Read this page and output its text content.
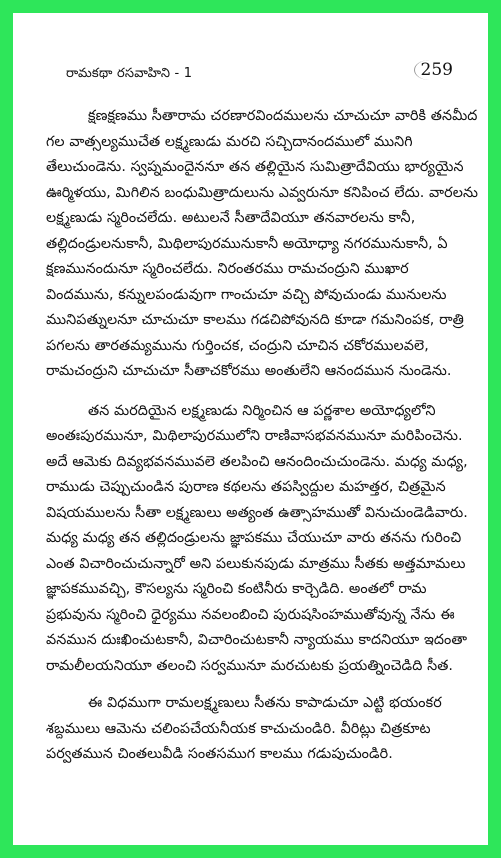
రామకథా రసవాహిని - 1	259

క్షణక్షణము సీతారామ చరణారవిందములను చూచుచూ వారికి తనమీద
గల వాత్సల్యముచేత లక్ష్మణుడు మరచి సచ్చిదానందములో మునిగి
తేలుచుండెను. స్వప్నమందైననూ తన తల్లియైన సుమిత్రాదేవియు భార్యయైన
ఊర్మిళయు, మిగిలిన బంధుమిత్రాదులును ఎవ్వరునూ కనిపించ లేదు. వారలను
లక్ష్మణుడు స్మరించలేదు. అటులనే సీతాదేవియూ తనవారలను కానీ,
తల్లిదండ్రులనుకానీ, మిథిలాపురమునుకానీ అయోధ్యా నగరమునుకానీ, ఏ
క్షణమునందునూ స్మరించలేదు. నిరంతరము రామచంద్రుని ముఖార
విందమును, కన్నులపండువుగా గాంచుచూ వచ్చి పోవుచుండు మునులను
మునిపత్నులనూ చూచుచూ కాలము గడచిపోవునది కూడా గమనింపక, రాత్రి
పగలను తారతమ్యమును గుర్తించక, చంద్రుని చూచిన చకోరములవలె,
రామచంద్రుని చూచుచూ సీతాచకోరము అంతులేని ఆనందమున నుండెను.

తన మరదియైన లక్ష్మణుడు నిర్మించిన ఆ పర్ణశాల అయోధ్యలోని
అంతఃపురమునూ, మిథిలాపురములోని రాణివాసభవనమునూ మరిపించెను.
అదే ఆమెకు దివ్యభవనమువలె తలపించి ఆనందించుచుండెను. మధ్య మధ్య,
రాముడు చెప్పుచుండిన పురాణ కథలను తపస్విద్దుల మహత్తర, చిత్రమైన
విషయములను సీతా లక్ష్మణులు అత్యంత ఉత్సాహముతో వినుచుండెడివారు.
మధ్య మధ్య తన తల్లిదండ్రులను జ్ఞాపకము చేయుచూ వారు తనను గురించి
ఎంత విచారించుచున్నారో అని పలుకునపుడు మాత్రము సీతకు అత్తమామలు
జ్ఞాపకమువచ్చి, కౌసల్యను స్మరించి కంటినీరు కార్చెడిది. అంతలో రామ
ప్రభువును స్మరించి ధైర్యము నవలంబించి పురుషసింహముతోవున్న నేను ఈ
వనమున దుఃఖించుటకానీ, విచారించుటకానీ న్యాయము కాదనియూ ఇదంతా
రామలీలయనియూ తలంచి సర్వమునూ మరచుటకు ప్రయత్నించెడిది సీత.

ఈ విధముగా రామలక్ష్మణులు సీతను కాపాడుచూ ఎట్టి భయంకర
శబ్దములు ఆమెను చలింపచేయనీయక కాచుచుండిరి. వీరిట్లు చిత్రకూట
పర్వతమున చింతలువీడి సంతసముగ కాలము గడుపుచుండిరి.
